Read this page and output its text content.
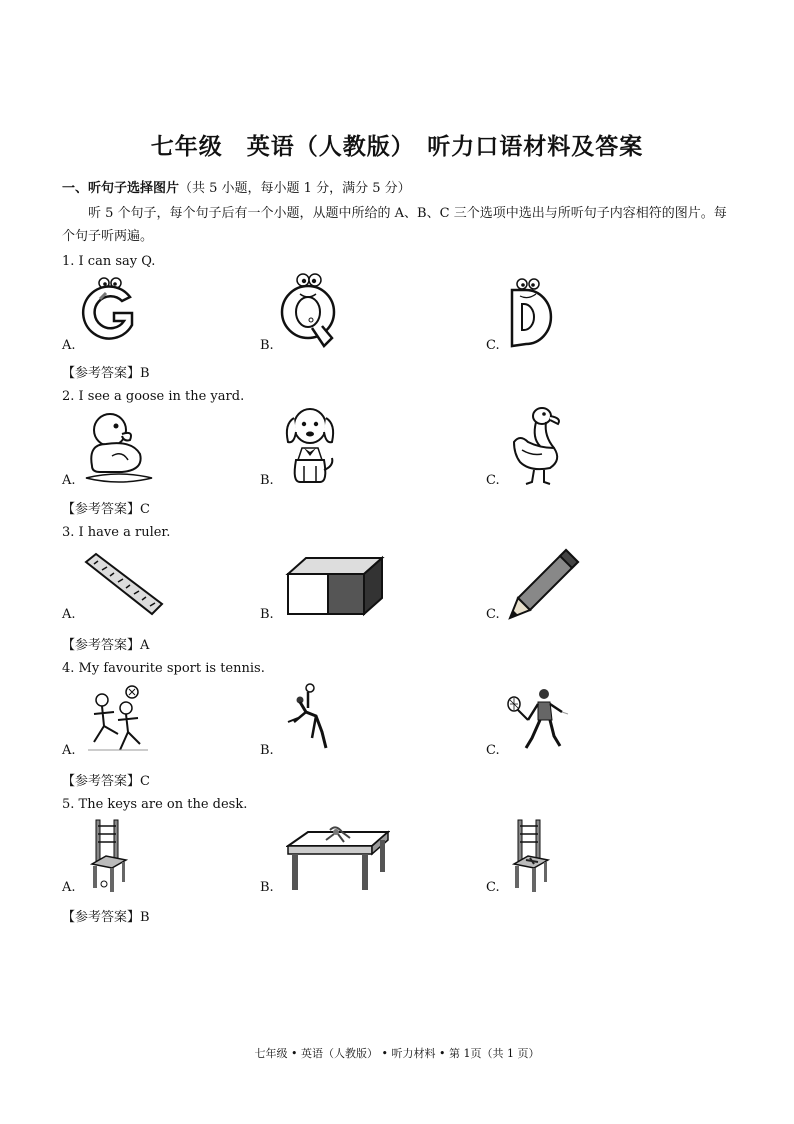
七年级　英语（人教版）　听力口语材料及答案
一、听句子选择图片（共 5 小题，每小题 1 分，满分 5 分）
听 5 个句子，每个句子后有一个小题，从题中所给的 A、B、C 三个选项中选出与所听句子内容相符的图片。每个句子听两遍。
1. I can say Q.
A.	B.	C.
【参考答案】B
2. I see a goose in the yard.
A.	B.	C.
【参考答案】C
3. I have a ruler.
A.	B.	C.
【参考答案】A
4. My favourite sport is tennis.
A.	B.	C.
【参考答案】C
5. The keys are on the desk.
A.	B.	C.
【参考答案】B
七年级 • 英语（人教版） • 听力材料 • 第 1页（共 1 页）
